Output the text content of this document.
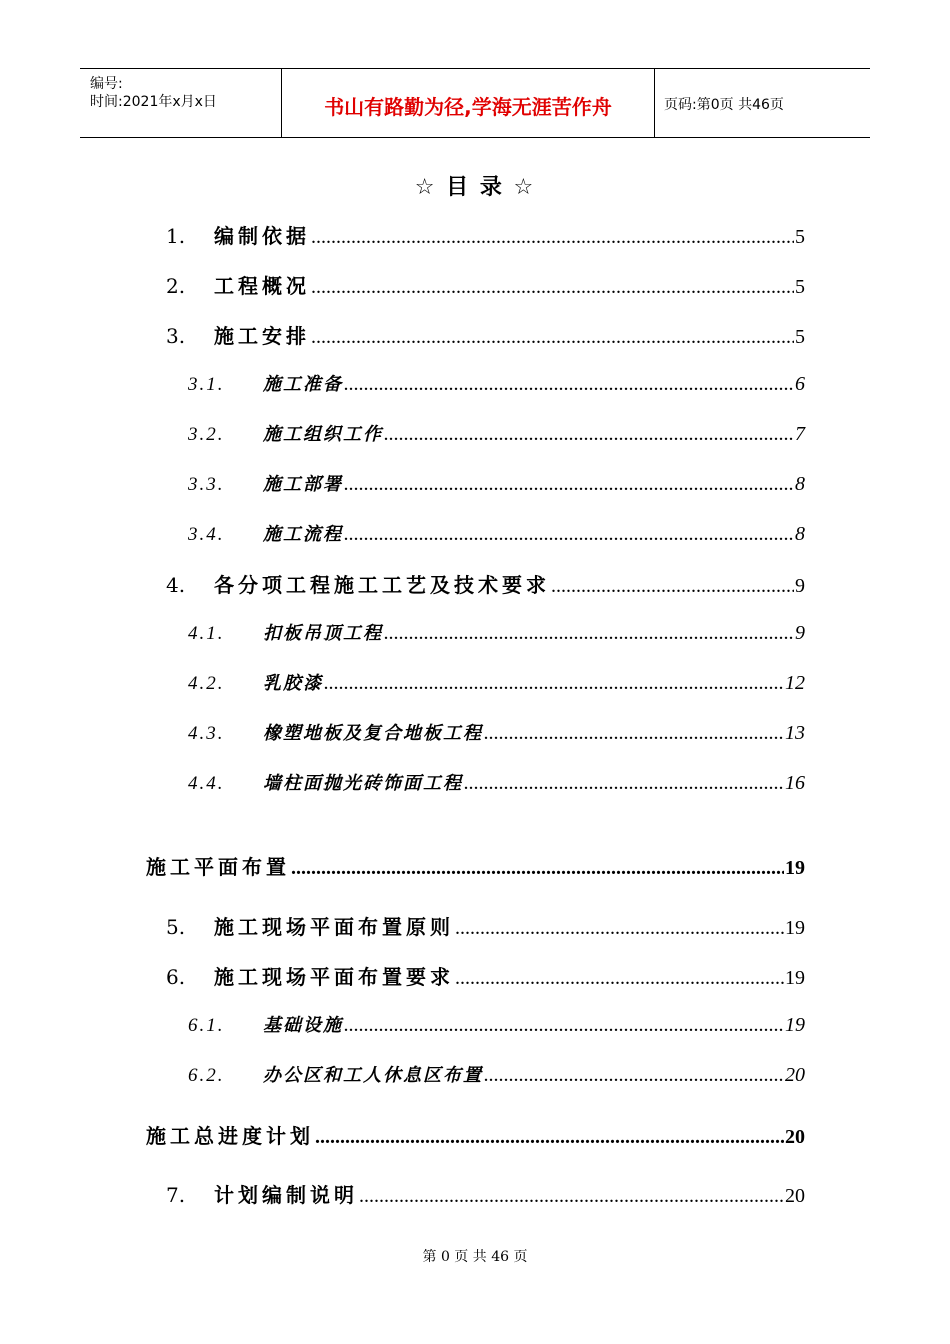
编号:
时间:2021年x月x日	书山有路勤为径,学海无涯苦作舟	页码:第0页 共46页
☆ 目 录 ☆
1.	编制依据 .....	5
2.	工程概况 .....	5
3.	施工安排 .....	5
3.1.	施工准备 .....	6
3.2.	施工组织工作 .....	7
3.3.	施工部署 .....	8
3.4.	施工流程 .....	8
4.	各分项工程施工工艺及技术要求 .....	9
4.1.	扣板吊顶工程 .....	9
4.2.	乳胶漆 .....	12
4.3.	橡塑地板及复合地板工程 .....	13
4.4.	墙柱面抛光砖饰面工程 .....	16
施工平面布置 .....	19
5.	施工现场平面布置原则 .....	19
6.	施工现场平面布置要求 .....	19
6.1.	基础设施 .....	19
6.2.	办公区和工人休息区布置 .....	20
施工总进度计划 .....	20
7.	计划编制说明 .....	20
第 0 页 共 46 页
